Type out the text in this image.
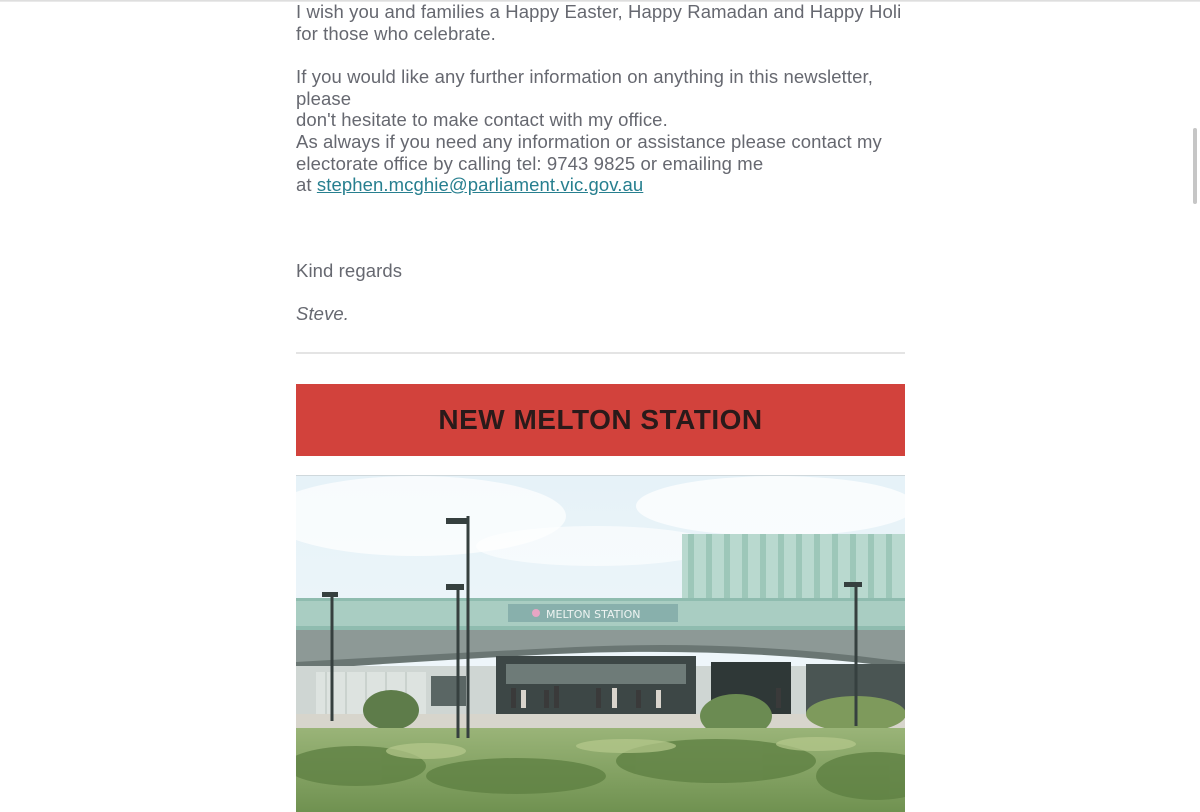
I wish you and families a Happy Easter, Happy Ramadan and Happy Holi for those who celebrate.

If you would like any further information on anything in this newsletter, please
don't hesitate to make contact with my office.

As always if you need any information or assistance please contact my
electorate office by calling tel: 9743 9825 or emailing me
at stephen.mcghie@parliament.vic.gov.au

Kind regards

Steve.

NEW MELTON STATION
MELTON STATION
